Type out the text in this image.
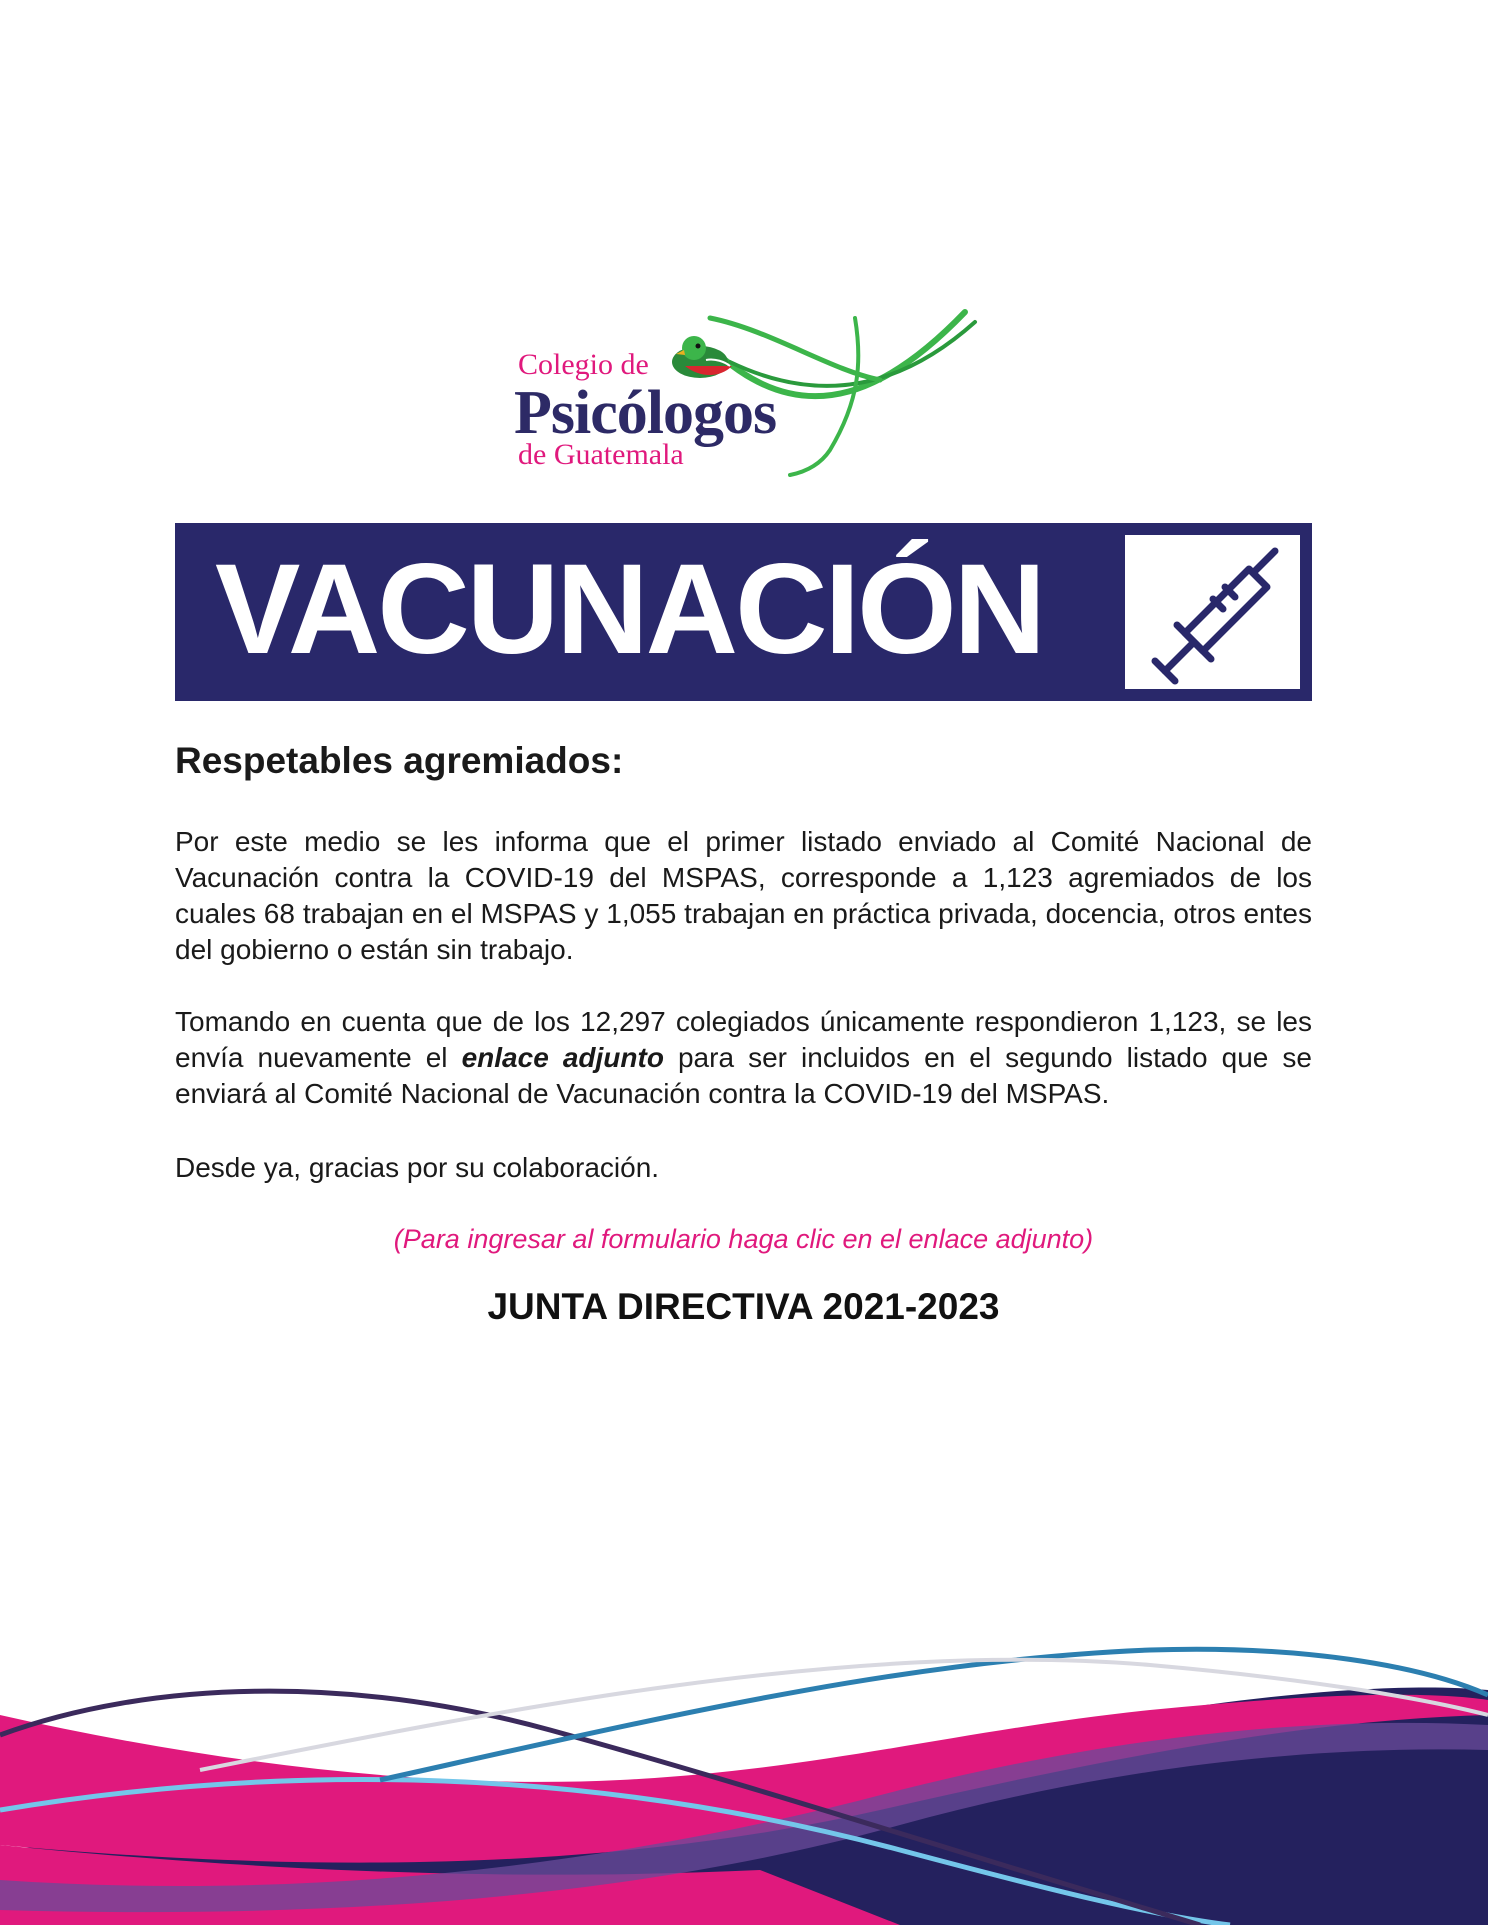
Colegio de

Psicólogos

de Guatemala

VACUNACIÓN
Respetables agremiados:

Por este medio se les informa que el primer listado enviado al Comité Nacional de Vacunación contra la COVID-19 del MSPAS, corresponde a 1,123 agremiados de los cuales 68 trabajan en el MSPAS y 1,055 trabajan en práctica privada, docencia, otros entes del gobierno o están sin trabajo.

Tomando en cuenta que de los 12,297 colegiados únicamente respondieron 1,123, se les envía nuevamente el enlace adjunto para ser incluidos en el segundo listado que se enviará al Comité Nacional de Vacunación contra la COVID-19 del MSPAS.

Desde ya, gracias por su colaboración.

(Para ingresar al formulario haga clic en el enlace adjunto)

JUNTA DIRECTIVA 2021-2023
